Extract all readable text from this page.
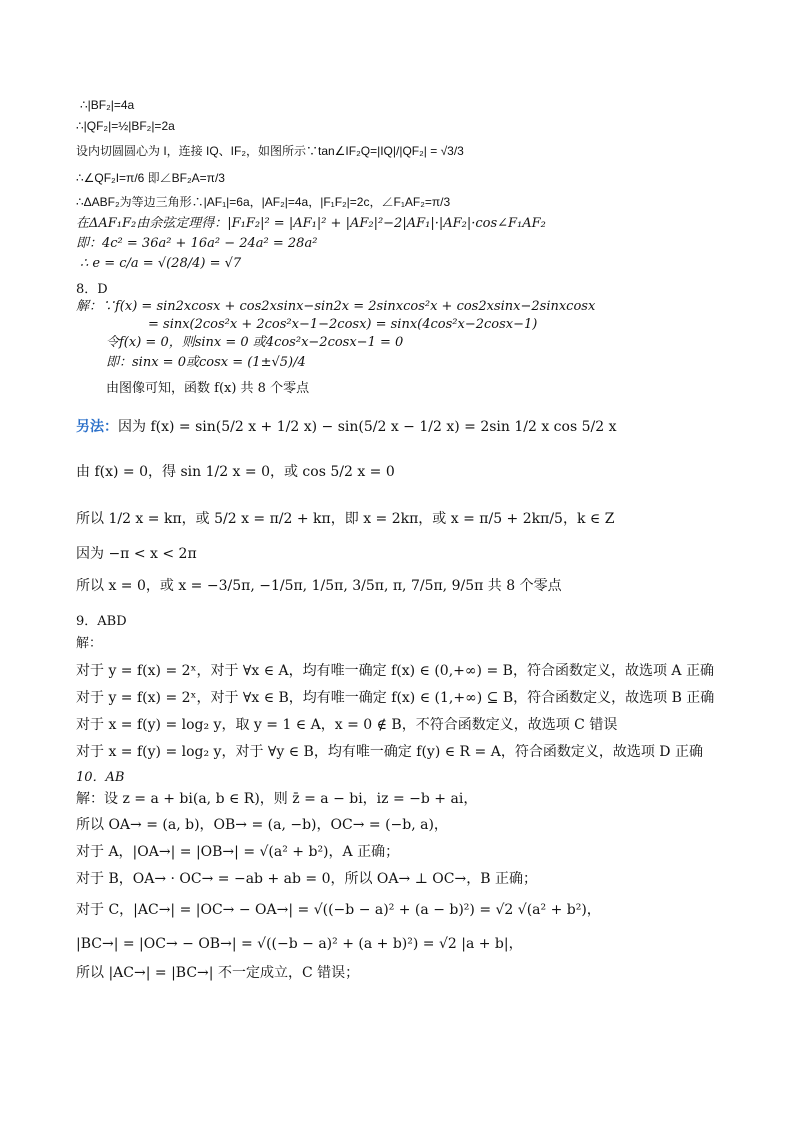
∴|BF₂|=4a
∴|QF₂|=½|BF₂|=2a
设内切圆圆心为 I，连接 IQ、IF₂，如图所示∵tan∠IF₂Q=|IQ|/|QF₂| = √3/3
∴∠QF₂I=π/6 即∠BF₂A=π/3
∴ΔABF₂为等边三角形∴|AF₁|=6a，|AF₂|=4a，|F₁F₂|=2c，∠F₁AF₂=π/3
在ΔAF₁F₂由余弦定理得：|F₁F₂|² = |AF₁|² + |AF₂|²−2|AF₁|·|AF₂|·cos∠F₁AF₂
即：4c² = 36a² + 16a² − 24a² = 28a²
∴ e = c/a = √(28/4) = √7
8．D
解：∵f(x) = sin2xcosx + cos2xsinx−sin2x = 2sinxcos²x + cos2xsinx−2sinxcosx
= sinx(2cos²x + 2cos²x−1−2cosx) = sinx(4cos²x−2cosx−1)
令f(x) = 0，则sinx = 0 或4cos²x−2cosx−1 = 0
即：sinx = 0或cosx = (1±√5)/4
由图像可知，函数 f(x) 共 8 个零点
另法：因为 f(x) = sin(5/2 x + 1/2 x) − sin(5/2 x − 1/2 x) = 2sin 1/2 x cos 5/2 x
由 f(x) = 0，得 sin 1/2 x = 0，或 cos 5/2 x = 0
所以 1/2 x = kπ，或 5/2 x = π/2 + kπ，即 x = 2kπ，或 x = π/5 + 2kπ/5，k ∈ Z
因为 −π < x < 2π
所以 x = 0，或 x = −3/5π, −1/5π, 1/5π, 3/5π, π, 7/5π, 9/5π 共 8 个零点
9．ABD
解：
对于 y = f(x) = 2ˣ，对于 ∀x ∈ A，均有唯一确定 f(x) ∈ (0,+∞) = B，符合函数定义，故选项 A 正确
对于 y = f(x) = 2ˣ，对于 ∀x ∈ B，均有唯一确定 f(x) ∈ (1,+∞) ⊆ B，符合函数定义，故选项 B 正确
对于 x = f(y) = log₂ y，取 y = 1 ∈ A，x = 0 ∉ B，不符合函数定义，故选项 C 错误
对于 x = f(y) = log₂ y，对于 ∀y ∈ B，均有唯一确定 f(y) ∈ R = A，符合函数定义，故选项 D 正确
10．AB
解：设 z = a + bi(a, b ∈ R)，则 z̄ = a − bi，iz = −b + ai，
所以 OA→ = (a, b)，OB→ = (a, −b)，OC→ = (−b, a)，
对于 A，|OA→| = |OB→| = √(a² + b²)，A 正确；
对于 B，OA→ · OC→ = −ab + ab = 0，所以 OA→ ⊥ OC→，B 正确；
对于 C，|AC→| = |OC→ − OA→| = √((−b − a)² + (a − b)²) = √2 √(a² + b²)，
|BC→| = |OC→ − OB→| = √((−b − a)² + (a + b)²) = √2 |a + b|，
所以 |AC→| = |BC→| 不一定成立，C 错误；
